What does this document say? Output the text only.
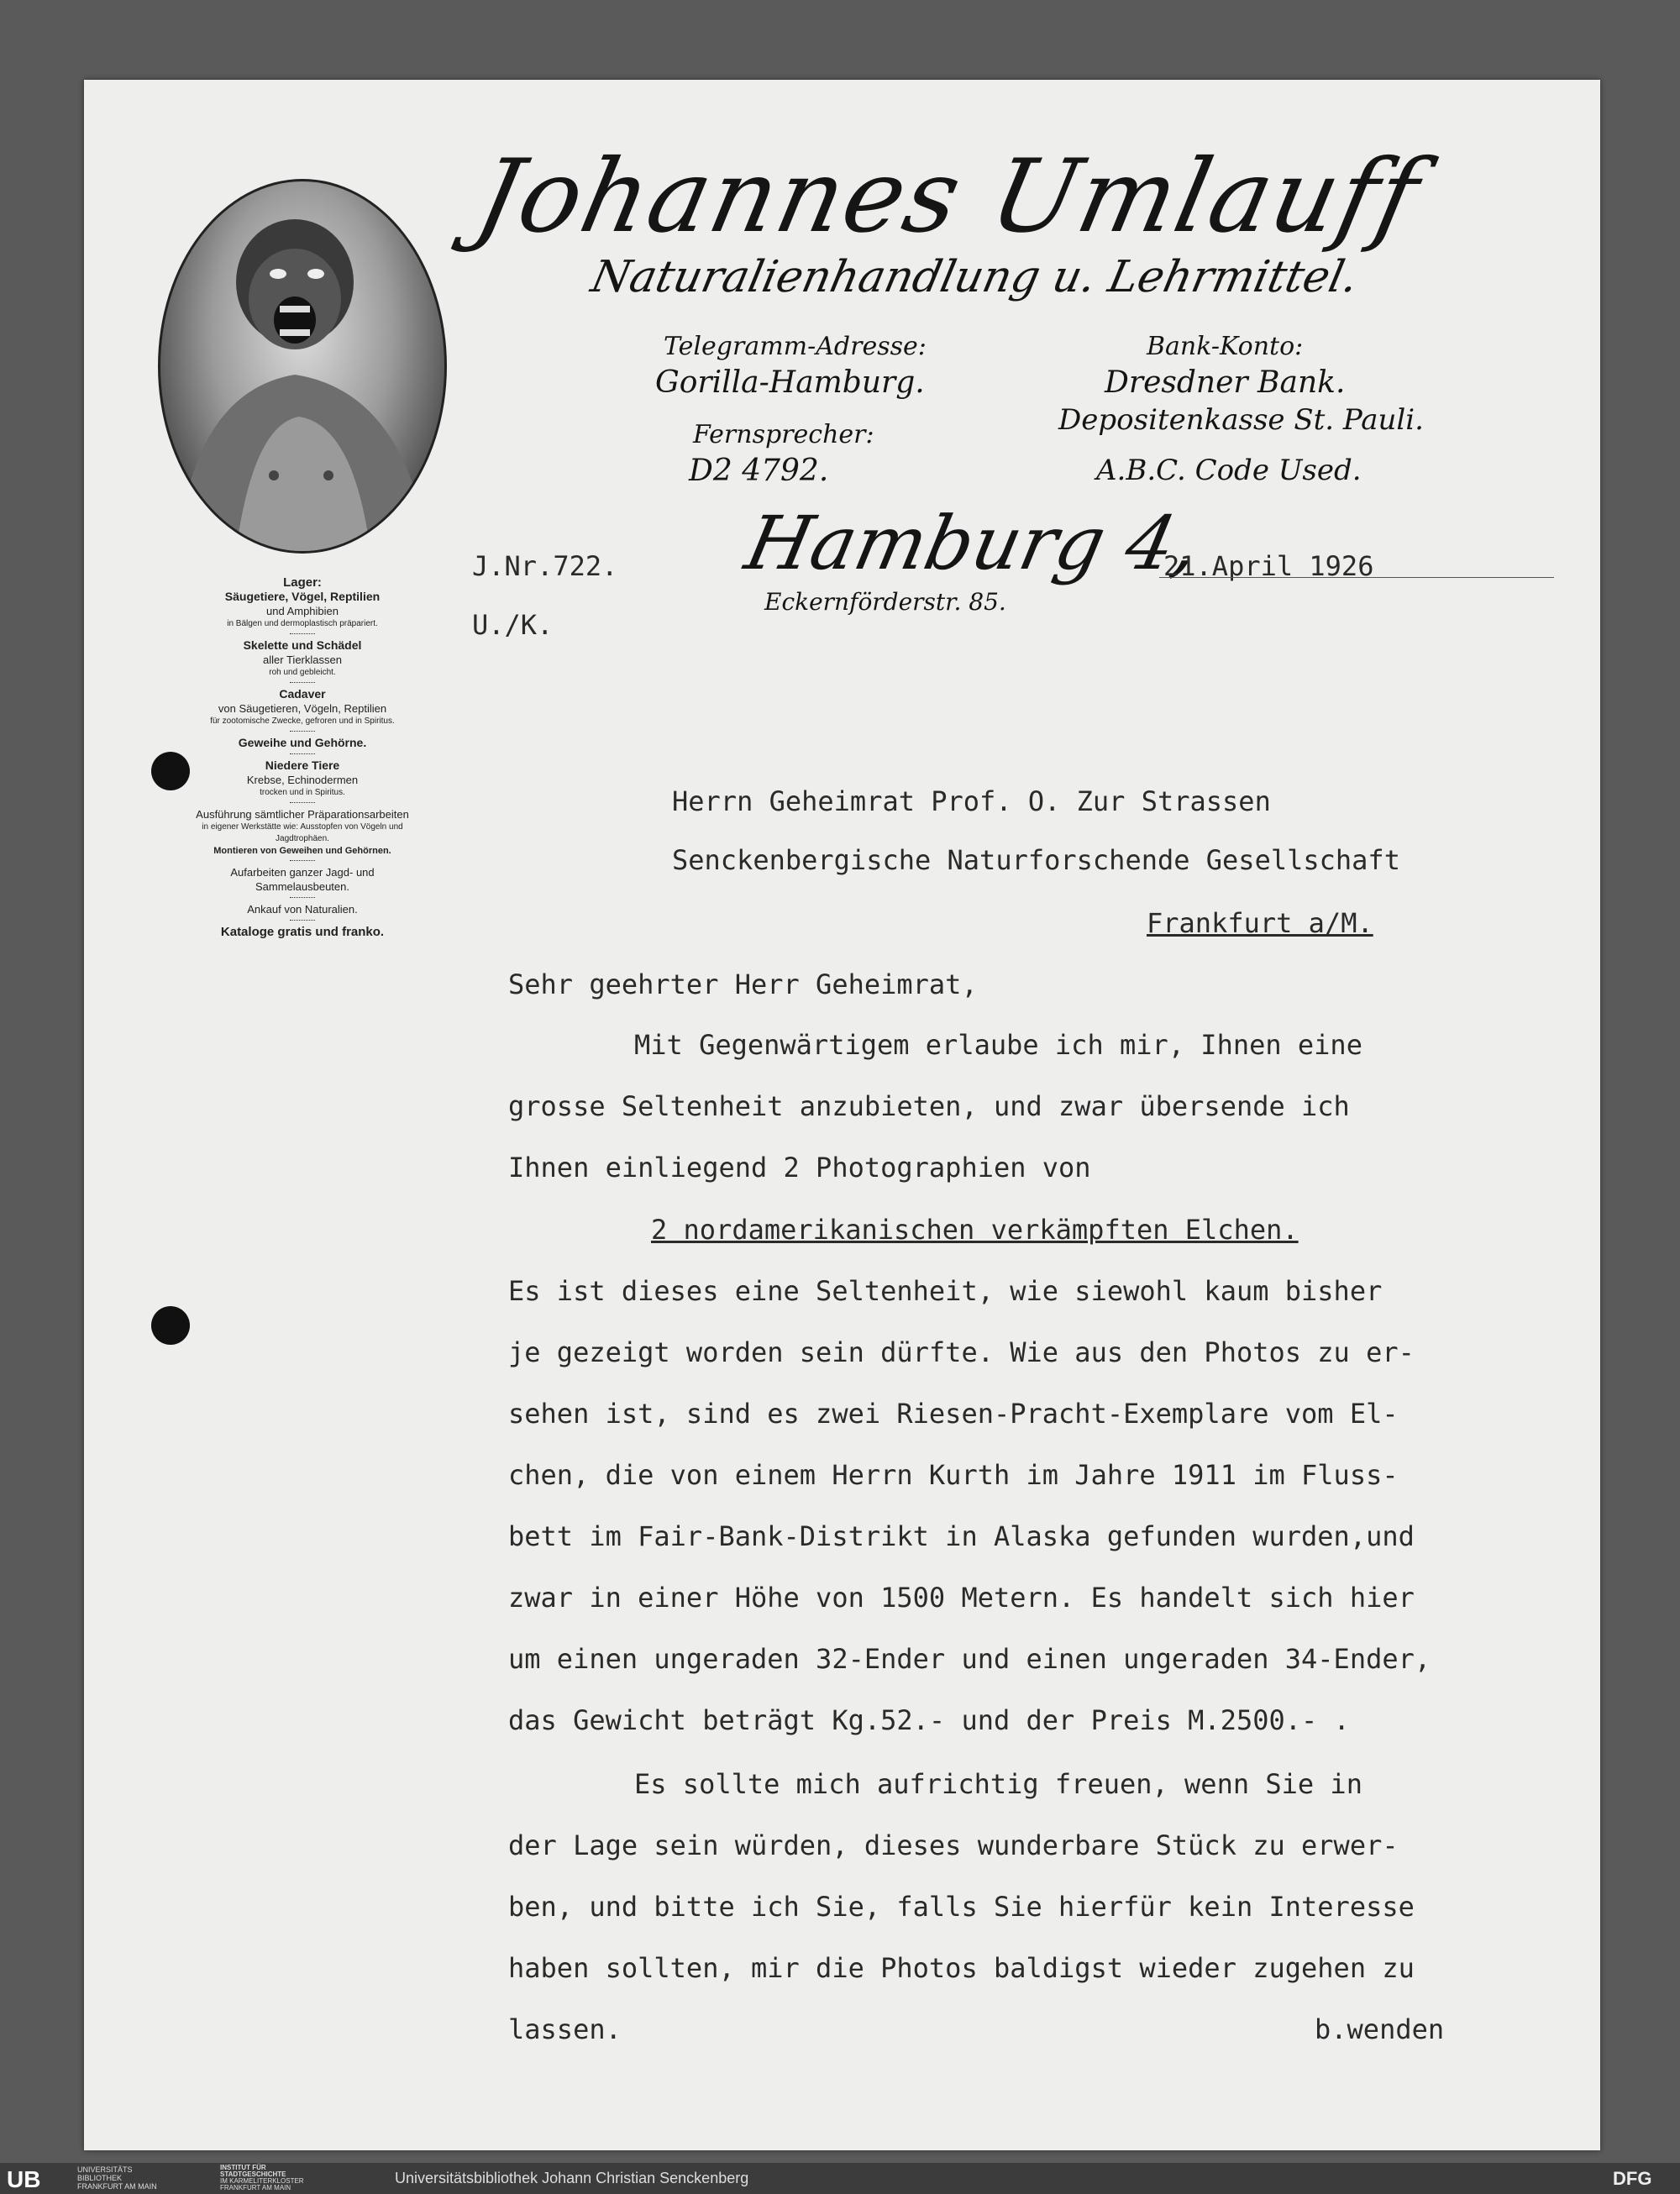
Johannes Umlauff
Naturalienhandlung u. Lehrmittel.
Telegramm-Adresse:
Gorilla-Hamburg.
Fernsprecher:
D2 4792.
Bank-Konto:
Dresdner Bank.
Depositenkasse St. Pauli.
A.B.C. Code Used.
Hamburg 4,
Eckernförderstr. 85.
J.Nr.722.
U./K.
21.April 1926
Lager:
Säugetiere, Vögel, Reptilien
und Amphibien
in Bälgen und dermoplastisch präpariert.
Skelette und Schädel
aller Tierklassen
roh und gebleicht.
Cadaver
von Säugetieren, Vögeln, Reptilien
für zootomische Zwecke, gefroren und in Spiritus.
Geweihe und Gehörne.
Niedere Tiere
Krebse, Echinodermen
trocken und in Spiritus.
Ausführung sämtlicher Präparationsarbeiten
in eigener Werkstätte wie: Ausstopfen von Vögeln und Jagdtrophäen.
Montieren von Geweihen und Gehörnen.
Aufarbeiten ganzer Jagd- und Sammelausbeuten.
Ankauf von Naturalien.
Kataloge gratis und franko.
Herrn Geheimrat Prof. O. Zur Strassen
Senckenbergische Naturforschende Gesellschaft
Frankfurt a/M.
Sehr geehrter Herr Geheimrat,
Mit Gegenwärtigem erlaube ich mir, Ihnen eine
grosse Seltenheit anzubieten, und zwar übersende ich
Ihnen einliegend 2 Photographien von
2 nordamerikanischen verkämpften Elchen.
Es ist dieses eine Seltenheit, wie siewohl kaum bisher
je gezeigt worden sein dürfte. Wie aus den Photos zu er-
sehen ist, sind es zwei Riesen-Pracht-Exemplare vom El-
chen, die von einem Herrn Kurth im Jahre 1911 im Fluss-
bett im Fair-Bank-Distrikt in Alaska gefunden wurden,und
zwar in einer Höhe von 1500 Metern. Es handelt sich hier
um einen ungeraden 32-Ender und einen ungeraden 34-Ender,
das Gewicht beträgt Kg.52.- und der Preis M.2500.- .
Es sollte mich aufrichtig freuen, wenn Sie in
der Lage sein würden, dieses wunderbare Stück zu erwer-
ben, und bitte ich Sie, falls Sie hierfür kein Interesse
haben sollten, mir die Photos baldigst wieder zugehen zu
lassen.	b.wenden
UB	UNIVERSITÄTS
BIBLIOTHEK
FRANKFURT AM MAIN
INSTITUT FÜR
STADTGESCHICHTE
IM KARMELITERKLOSTER
FRANKFURT AM MAIN
Universitätsbibliothek Johann Christian Senckenberg	DFG
